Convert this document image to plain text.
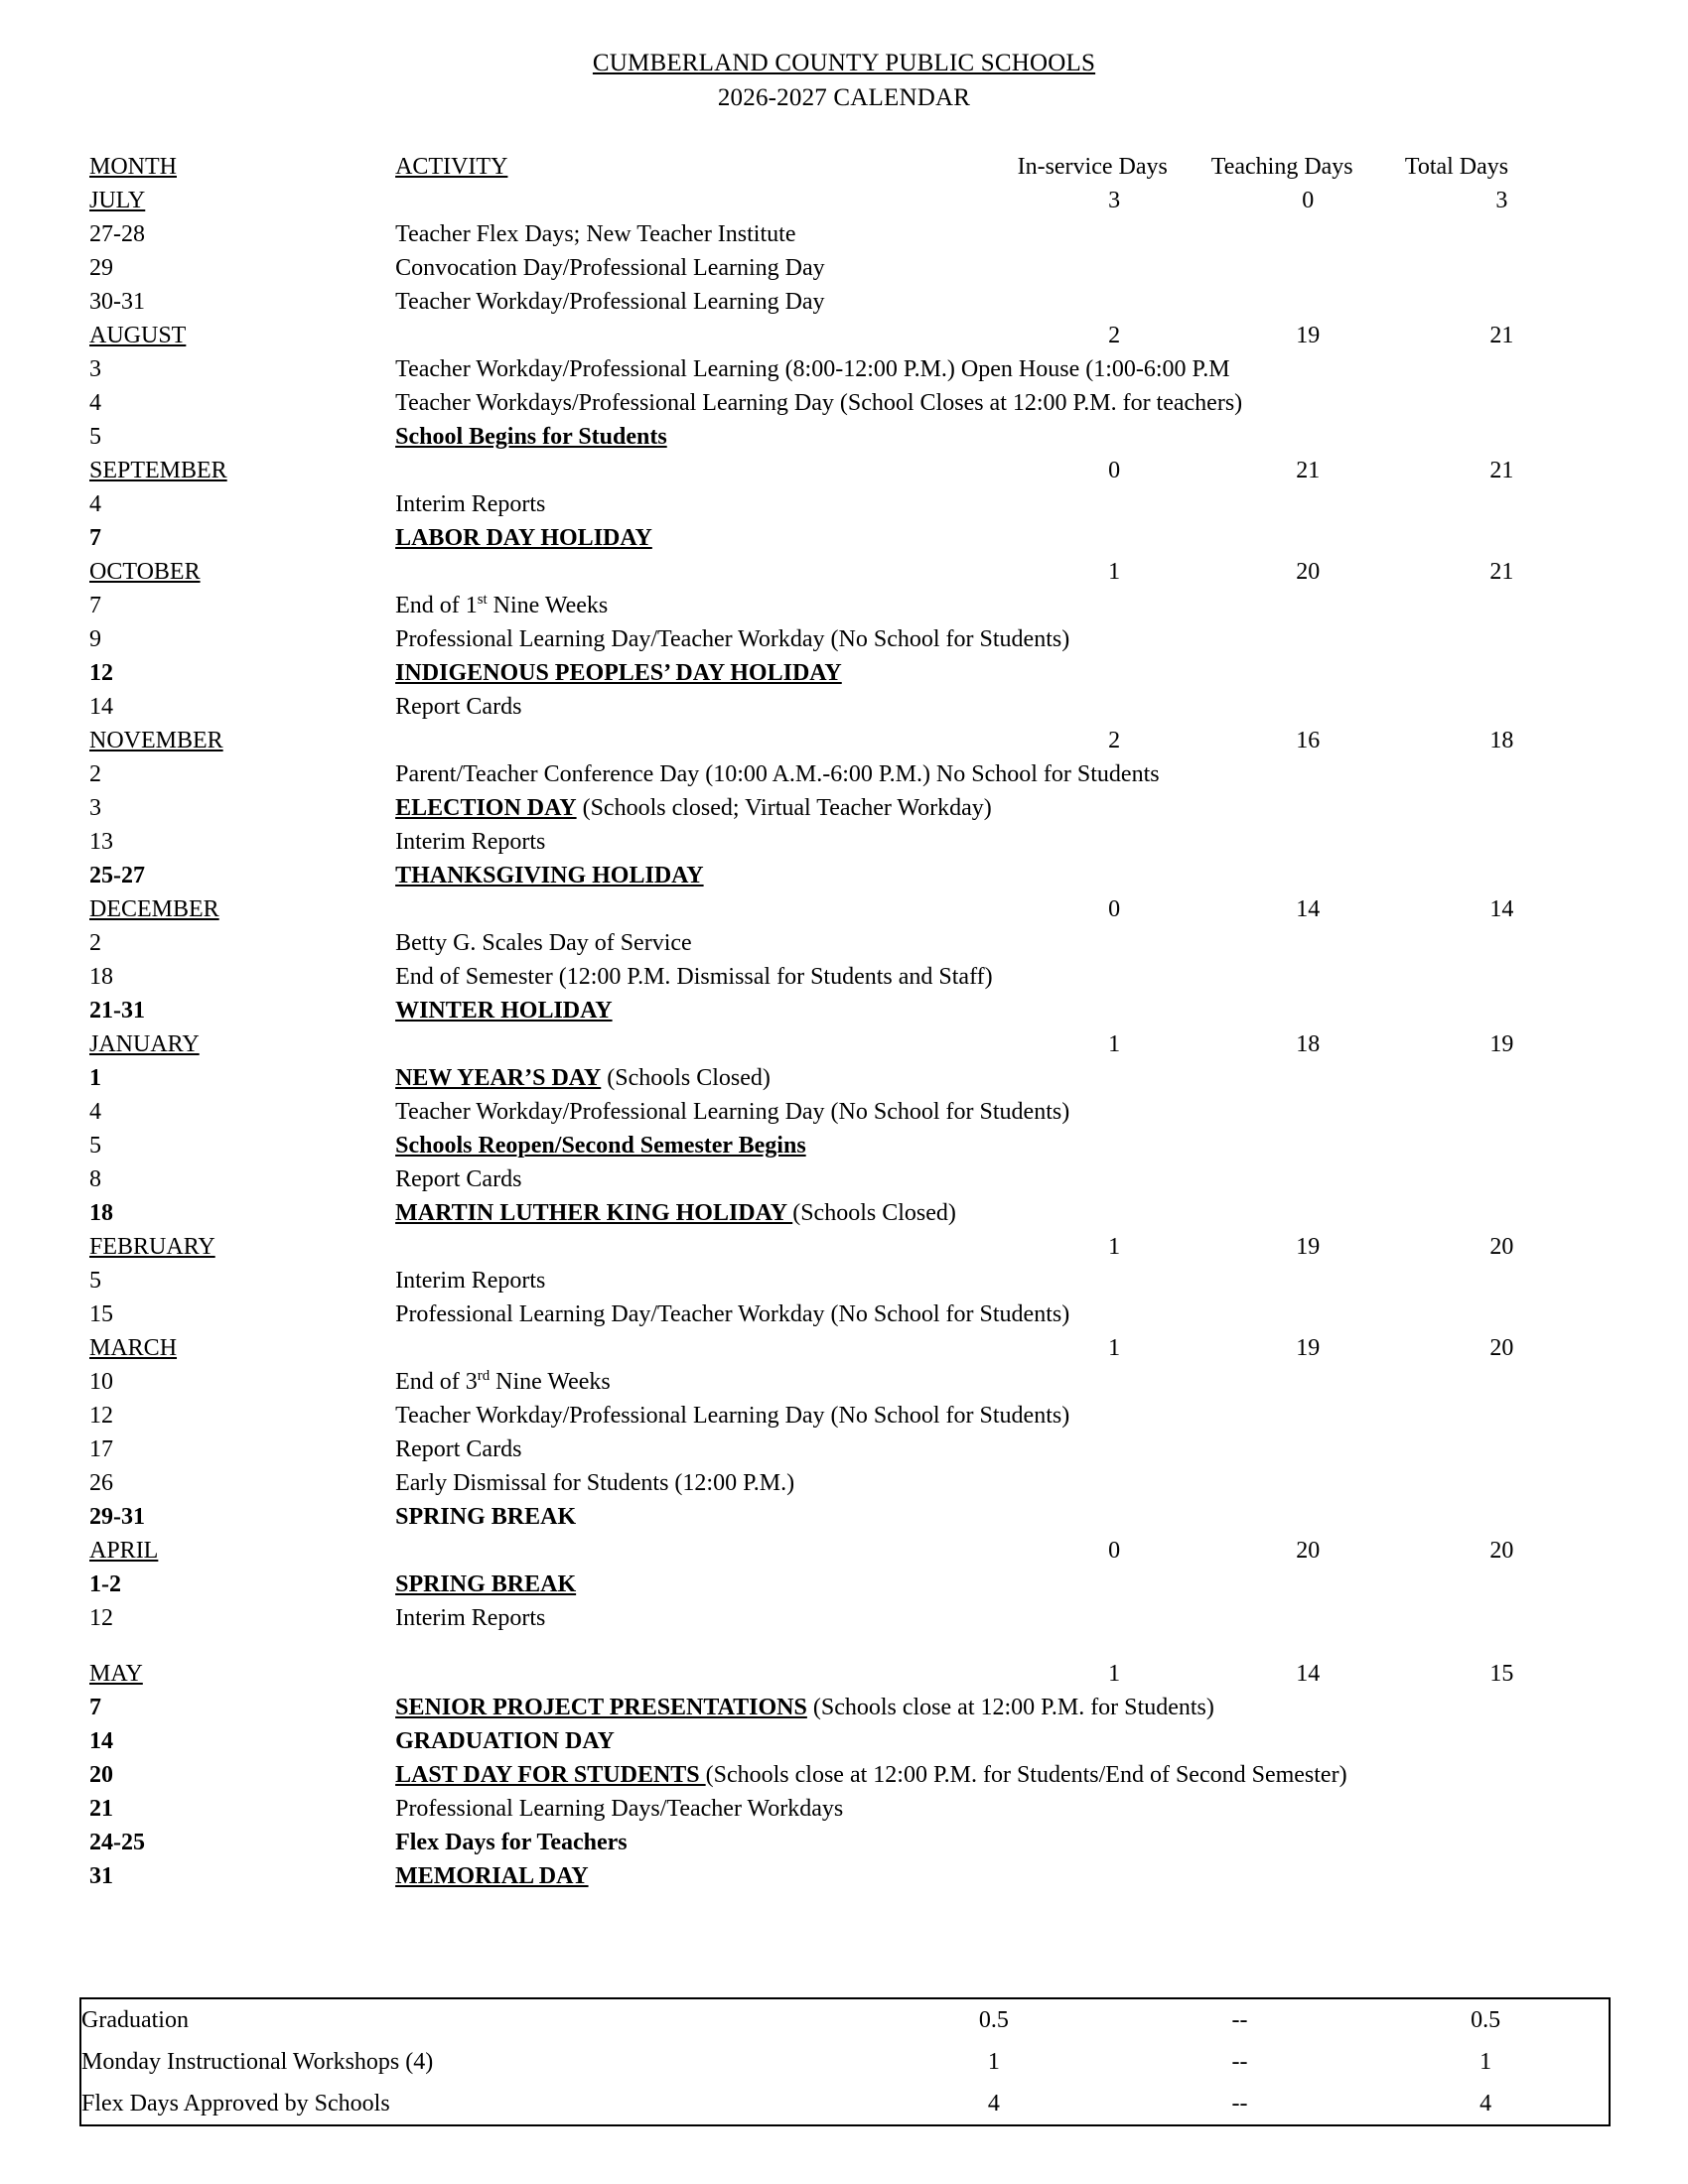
CUMBERLAND COUNTY PUBLIC SCHOOLS
2026-2027 CALENDAR
MONTH	ACTIVITY	In-service Days	Teaching Days	Total Days
JULY		3	0	3
27-28	Teacher Flex Days; New Teacher Institute			
29	Convocation Day/Professional Learning Day			
30-31	Teacher Workday/Professional Learning Day			
AUGUST		2	19	21
3	Teacher Workday/Professional Learning (8:00-12:00 P.M.) Open House (1:00-6:00 P.M			
4	Teacher Workdays/Professional Learning Day (School Closes at 12:00 P.M. for teachers)			
5	School Begins for Students			
SEPTEMBER		0	21	21
4	Interim Reports			
7	LABOR DAY HOLIDAY			
OCTOBER		1	20	21
7	End of 1st Nine Weeks			
9	Professional Learning Day/Teacher Workday (No School for Students)			
12	INDIGENOUS PEOPLES’ DAY HOLIDAY			
14	Report Cards			
NOVEMBER		2	16	18
2	Parent/Teacher Conference Day (10:00 A.M.-6:00 P.M.) No School for Students			
3	ELECTION DAY (Schools closed; Virtual Teacher Workday)			
13	Interim Reports			
25-27	THANKSGIVING HOLIDAY			
DECEMBER		0	14	14
2	Betty G. Scales Day of Service			
18	End of Semester (12:00 P.M. Dismissal for Students and Staff)			
21-31	WINTER HOLIDAY			
JANUARY		1	18	19
1	NEW YEAR’S DAY (Schools Closed)			
4	Teacher Workday/Professional Learning Day (No School for Students)			
5	Schools Reopen/Second Semester Begins			
8	Report Cards			
18	MARTIN LUTHER KING HOLIDAY (Schools Closed)			
FEBRUARY		1	19	20
5	Interim Reports			
15	Professional Learning Day/Teacher Workday (No School for Students)			
MARCH		1	19	20
10	End of 3rd Nine Weeks			
12	Teacher Workday/Professional Learning Day (No School for Students)			
17	Report Cards			
26	Early Dismissal for Students (12:00 P.M.)			
29-31	SPRING BREAK			
APRIL		0	20	20
1-2	SPRING BREAK			
12	Interim Reports			

MAY		1	14	15
7	SENIOR PROJECT PRESENTATIONS (Schools close at 12:00 P.M. for Students)			
14	GRADUATION DAY			
20	LAST DAY FOR STUDENTS (Schools close at 12:00 P.M. for Students/End of Second Semester)			
21	Professional Learning Days/Teacher Workdays			
24-25	Flex Days for Teachers			
31	MEMORIAL DAY			
Graduation	0.5	--	0.5
Monday Instructional Workshops (4)	1	--	1
Flex Days Approved by Schools	4	--	4
